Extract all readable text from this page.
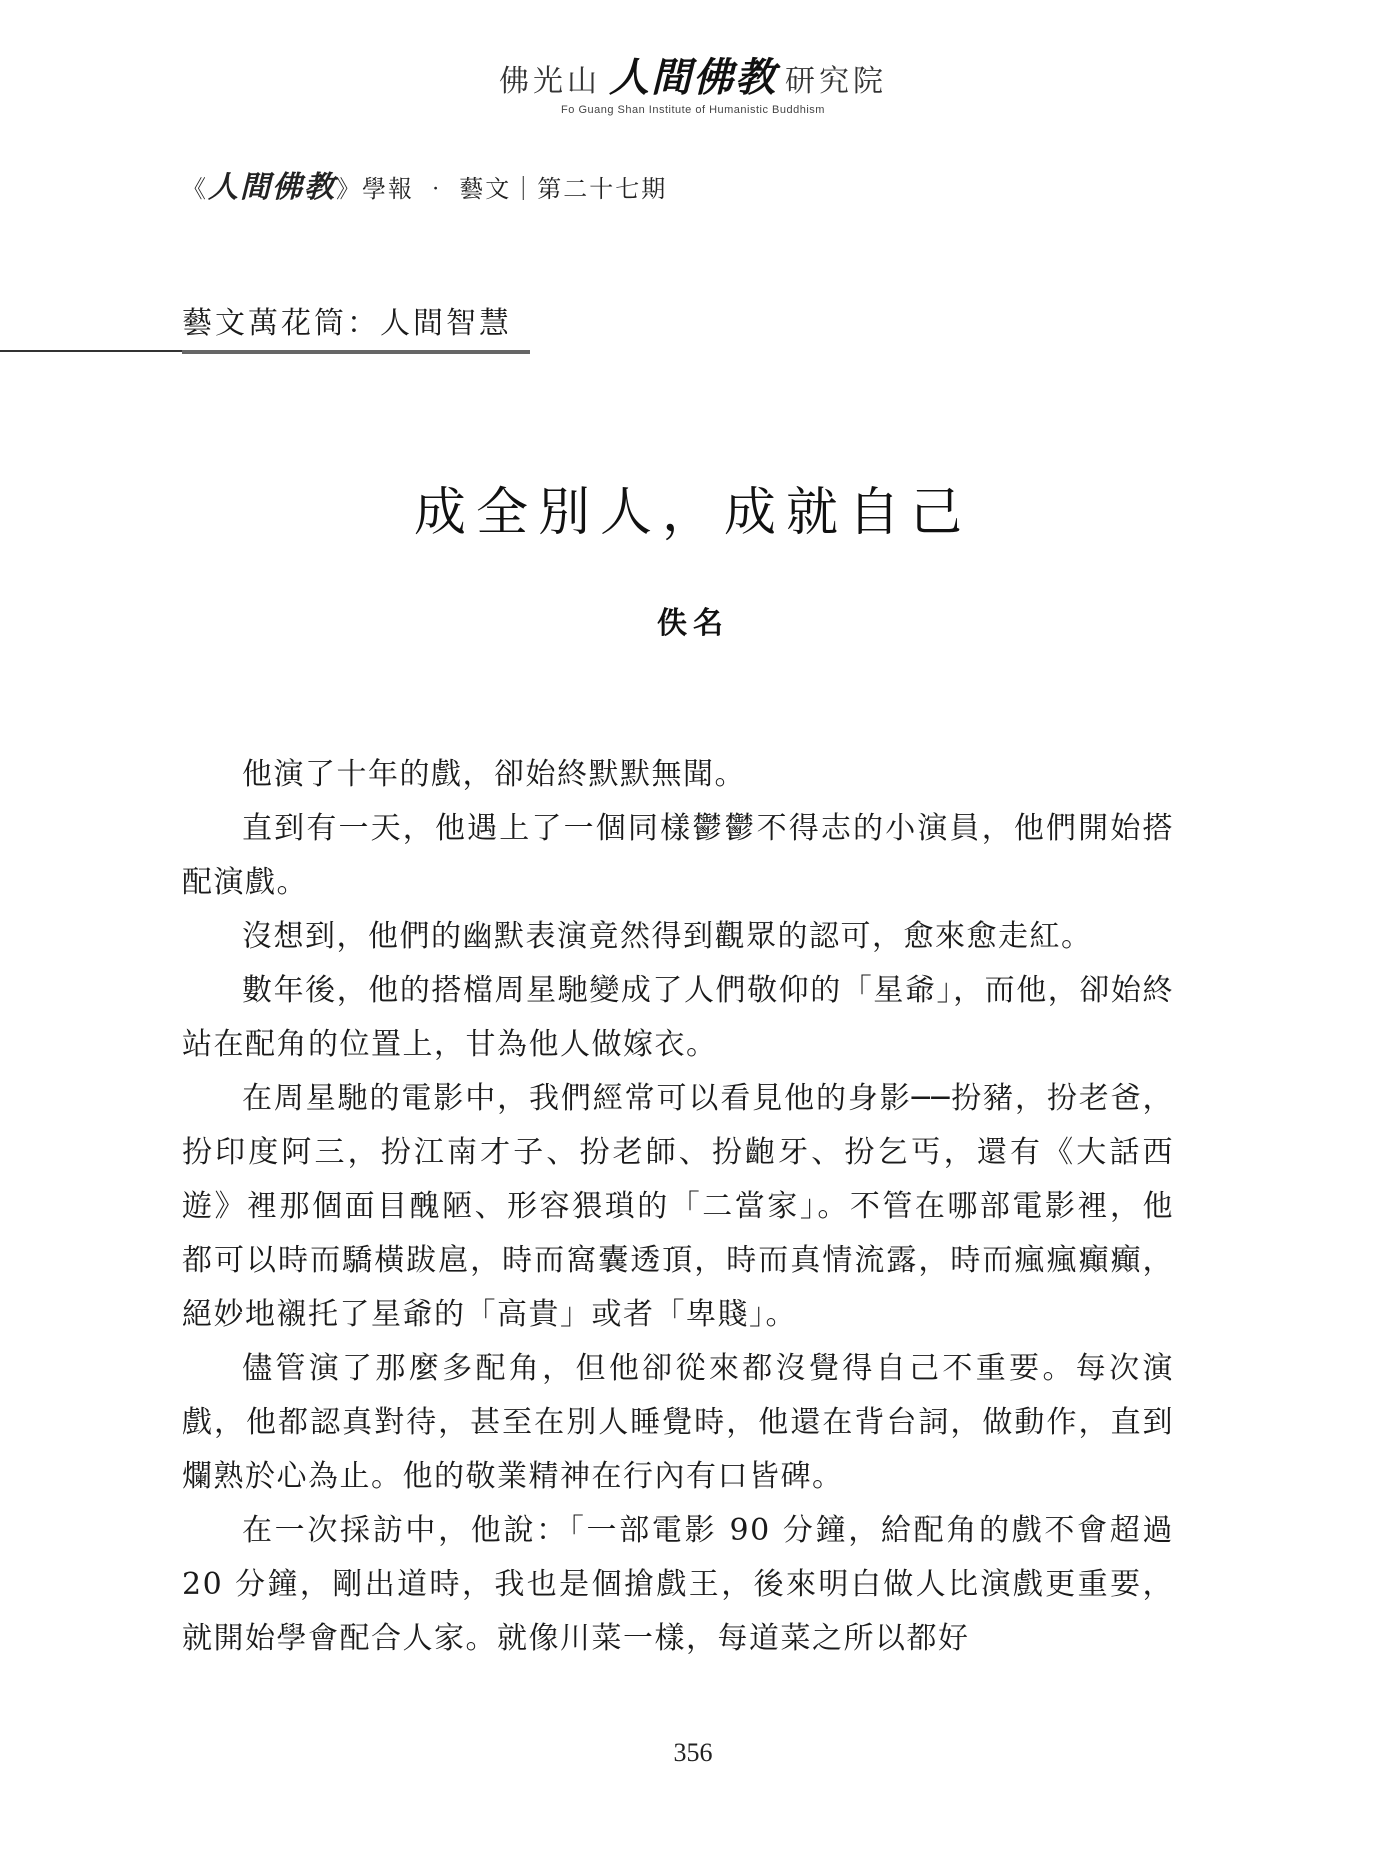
佛光山 人間佛教 研究院
Fo Guang Shan Institute of Humanistic Buddhism
《人間佛教》學報 ‧ 藝文｜第二十七期
藝文萬花筒：人間智慧
成全別人，成就自己
佚名

他演了十年的戲，卻始終默默無聞。

直到有一天，他遇上了一個同樣鬱鬱不得志的小演員，他們開始搭配演戲。

沒想到，他們的幽默表演竟然得到觀眾的認可，愈來愈走紅。

數年後，他的搭檔周星馳變成了人們敬仰的「星爺」，而他，卻始終站在配角的位置上，甘為他人做嫁衣。

在周星馳的電影中，我們經常可以看見他的身影──扮豬，扮老爸，扮印度阿三，扮江南才子、扮老師、扮齙牙、扮乞丐，還有《大話西遊》裡那個面目醜陋、形容猥瑣的「二當家」。不管在哪部電影裡，他都可以時而驕橫跋扈，時而窩囊透頂，時而真情流露，時而瘋瘋癲癲，絕妙地襯托了星爺的「高貴」或者「卑賤」。

儘管演了那麼多配角，但他卻從來都沒覺得自己不重要。每次演戲，他都認真對待，甚至在別人睡覺時，他還在背台詞，做動作，直到爛熟於心為止。他的敬業精神在行內有口皆碑。

在一次採訪中，他說：「一部電影 90 分鐘，給配角的戲不會超過 20 分鐘，剛出道時，我也是個搶戲王，後來明白做人比演戲更重要，就開始學會配合人家。就像川菜一樣，每道菜之所以都好

356
